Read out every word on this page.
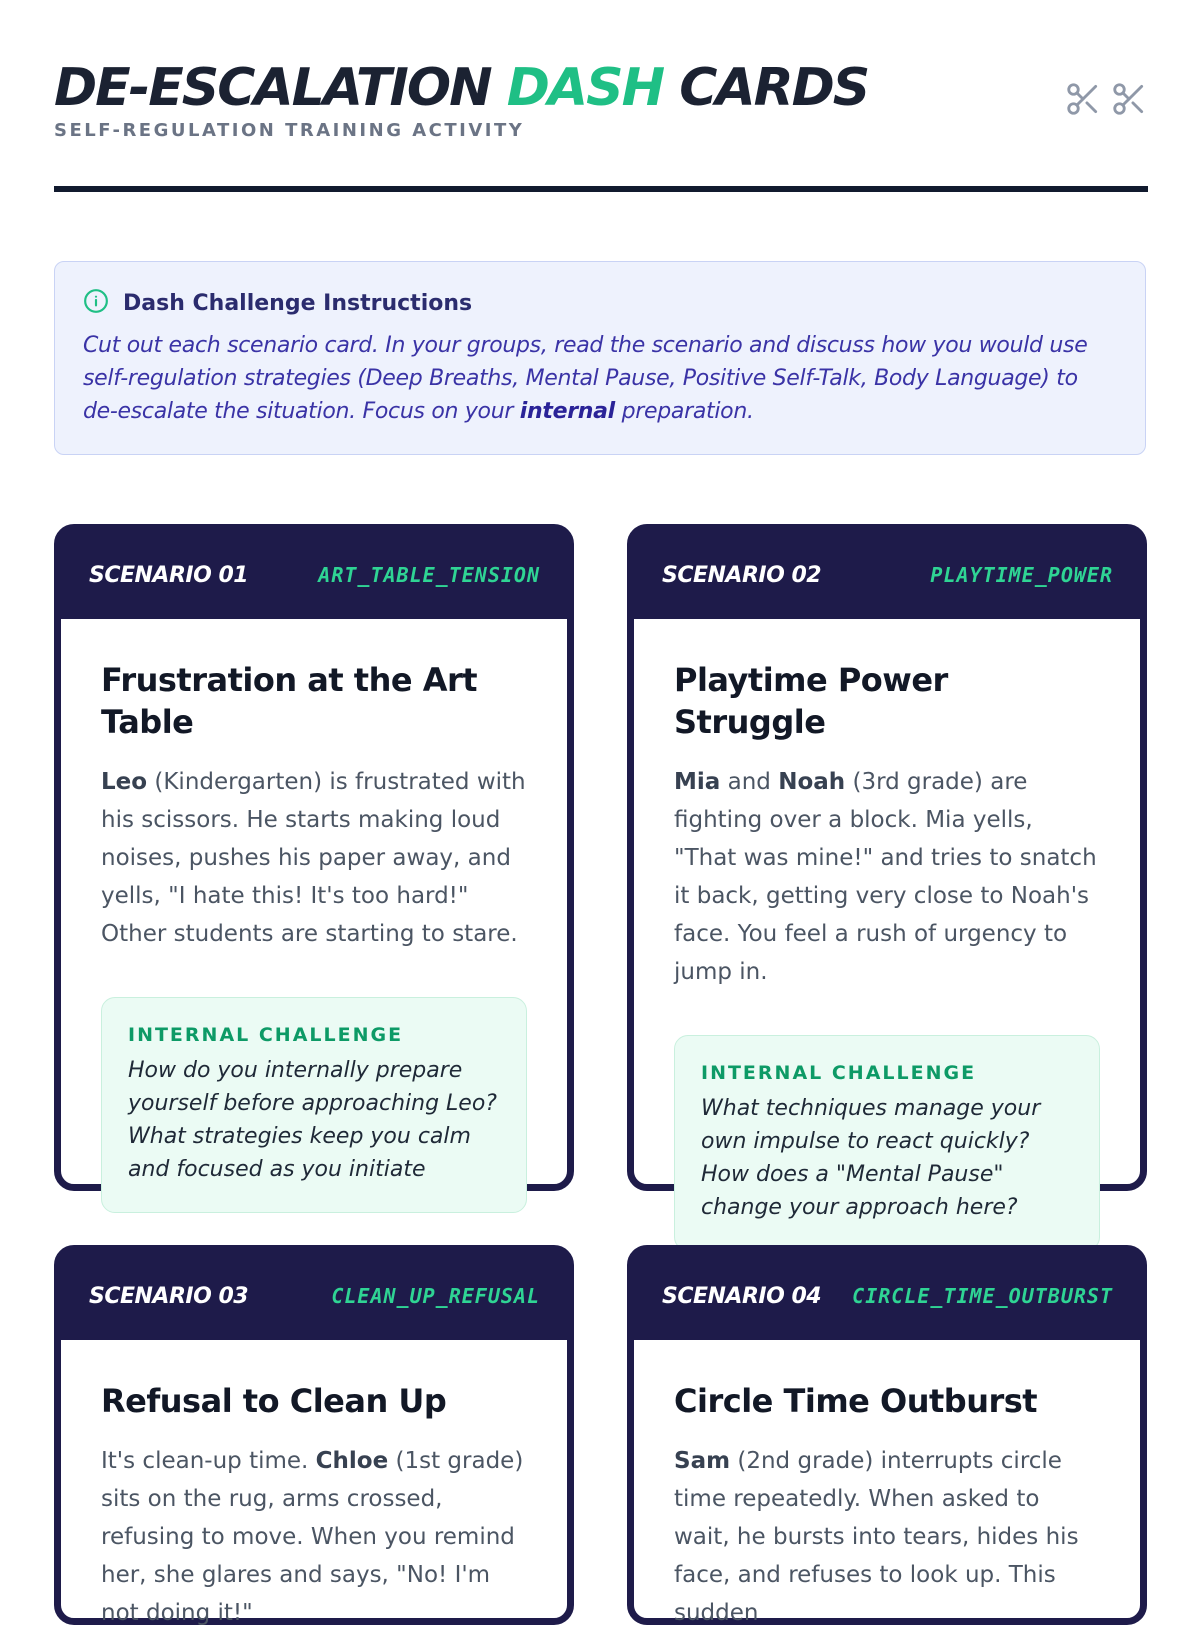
DE-ESCALATION DASH CARDS
SELF-REGULATION TRAINING ACTIVITY
Dash Challenge Instructions
Cut out each scenario card. In your groups, read the scenario and discuss how you would use self-regulation strategies (Deep Breaths, Mental Pause, Positive Self-Talk, Body Language) to de-escalate the situation. Focus on your internal preparation.
SCENARIO 01	ART_TABLE_TENSION
Frustration at the Art Table
Leo (Kindergarten) is frustrated with his scissors. He starts making loud noises, pushes his paper away, and yells, "I hate this! It's too hard!" Other students are starting to stare.
INTERNAL CHALLENGE
How do you internally prepare yourself before approaching Leo? What strategies keep you calm and focused as you initiate
SCENARIO 02	PLAYTIME_POWER
Playtime Power Struggle
Mia and Noah (3rd grade) are fighting over a block. Mia yells, "That was mine!" and tries to snatch it back, getting very close to Noah's face. You feel a rush of urgency to jump in.
INTERNAL CHALLENGE
What techniques manage your own impulse to react quickly? How does a "Mental Pause" change your approach here?
SCENARIO 03	CLEAN_UP_REFUSAL
Refusal to Clean Up
It's clean-up time. Chloe (1st grade) sits on the rug, arms crossed, refusing to move. When you remind her, she glares and says, "No! I'm not doing it!"
SCENARIO 04 CIRCLE_TIME_OUTBURST
Circle Time Outburst
Sam (2nd grade) interrupts circle time repeatedly. When asked to wait, he bursts into tears, hides his face, and refuses to look up. This sudden
